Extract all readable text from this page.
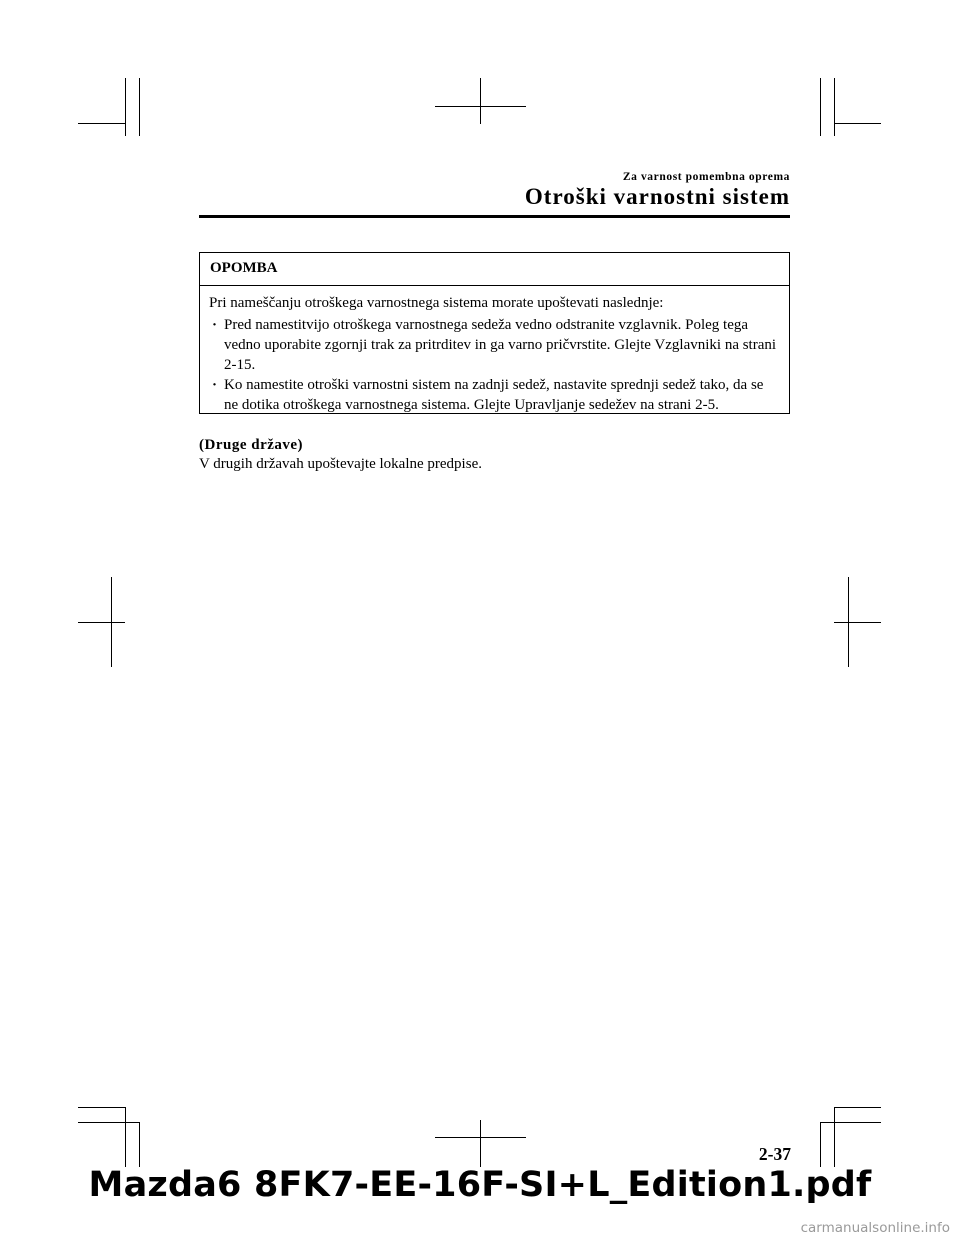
Za varnost pomembna oprema
Otroški varnostni sistem
OPOMBA

Pri nameščanju otroškega varnostnega sistema morate upoštevati naslednje:

· Pred namestitvijo otroškega varnostnega sedeža vedno odstranite vzglavnik. Poleg tega vedno uporabite zgornji trak za pritrditev in ga varno pričvrstite. Glejte Vzglavniki na strani 2-15.
· Ko namestite otroški varnostni sistem na zadnji sedež, nastavite sprednji sedež tako, da se ne dotika otroškega varnostnega sistema. Glejte Upravljanje sedežev na strani 2-5.
(Druge države)
V drugih državah upoštevajte lokalne predpise.
2-37
Mazda6 8FK7-EE-16F-SI+L_Edition1.pdf
carmanualsonline.info
